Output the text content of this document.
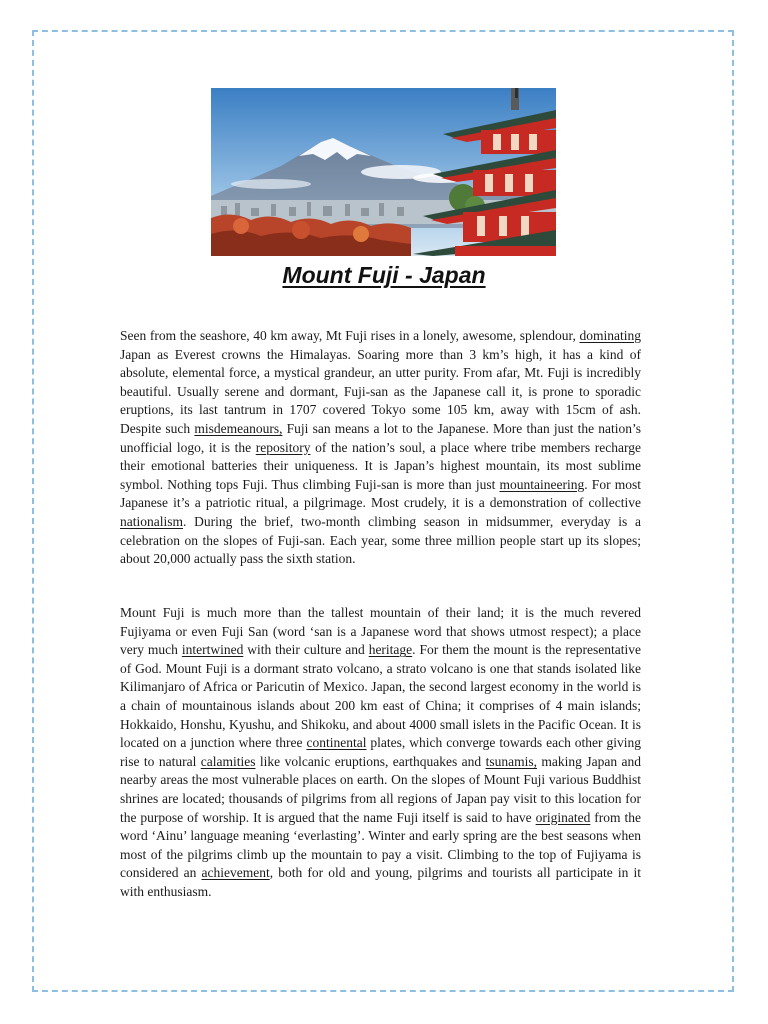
Mount Fuji - Japan

Seen from the seashore, 40 km away, Mt Fuji rises in a lonely, awesome, splendour, dominating Japan as Everest crowns the Himalayas. Soaring more than 3 km’s high, it has a kind of absolute, elemental force, a mystical grandeur, an utter purity. From afar, Mt. Fuji is incredibly beautiful. Usually serene and dormant, Fuji-san as the Japanese call it, is prone to sporadic eruptions, its last tantrum in 1707 covered Tokyo some 105 km, away with 15cm of ash. Despite such misdemeanours, Fuji san means a lot to the Japanese. More than just the nation’s unofficial logo, it is the repository of the nation’s soul, a place where tribe members recharge their emotional batteries their uniqueness. It is Japan’s highest mountain, its most sublime symbol. Nothing tops Fuji. Thus climbing Fuji-san is more than just mountaineering. For most Japanese it’s a patriotic ritual, a pilgrimage. Most crudely, it is a demonstration of collective nationalism. During the brief, two-month climbing season in midsummer, everyday is a celebration on the slopes of Fuji-san. Each year, some three million people start up its slopes; about 20,000 actually pass the sixth station.

Mount Fuji is much more than the tallest mountain of their land; it is the much revered Fujiyama or even Fuji San (word ‘san is a Japanese word that shows utmost respect); a place very much intertwined with their culture and heritage. For them the mount is the representative of God. Mount Fuji is a dormant strato volcano, a strato volcano is one that stands isolated like Kilimanjaro of Africa or Paricutin of Mexico. Japan, the second largest economy in the world is a chain of mountainous islands about 200 km east of China; it comprises of 4 main islands; Hokkaido, Honshu, Kyushu, and Shikoku, and about 4000 small islets in the Pacific Ocean. It is located on a junction where three continental plates, which converge towards each other giving rise to natural calamities like volcanic eruptions, earthquakes and tsunamis, making Japan and nearby areas the most vulnerable places on earth. On the slopes of Mount Fuji various Buddhist shrines are located; thousands of pilgrims from all regions of Japan pay visit to this location for the purpose of worship. It is argued that the name Fuji itself is said to have originated from the word ‘Ainu’ language meaning ‘everlasting’. Winter and early spring are the best seasons when most of the pilgrims climb up the mountain to pay a visit. Climbing to the top of Fujiyama is considered an achievement, both for old and young, pilgrims and tourists all participate in it with enthusiasm.
